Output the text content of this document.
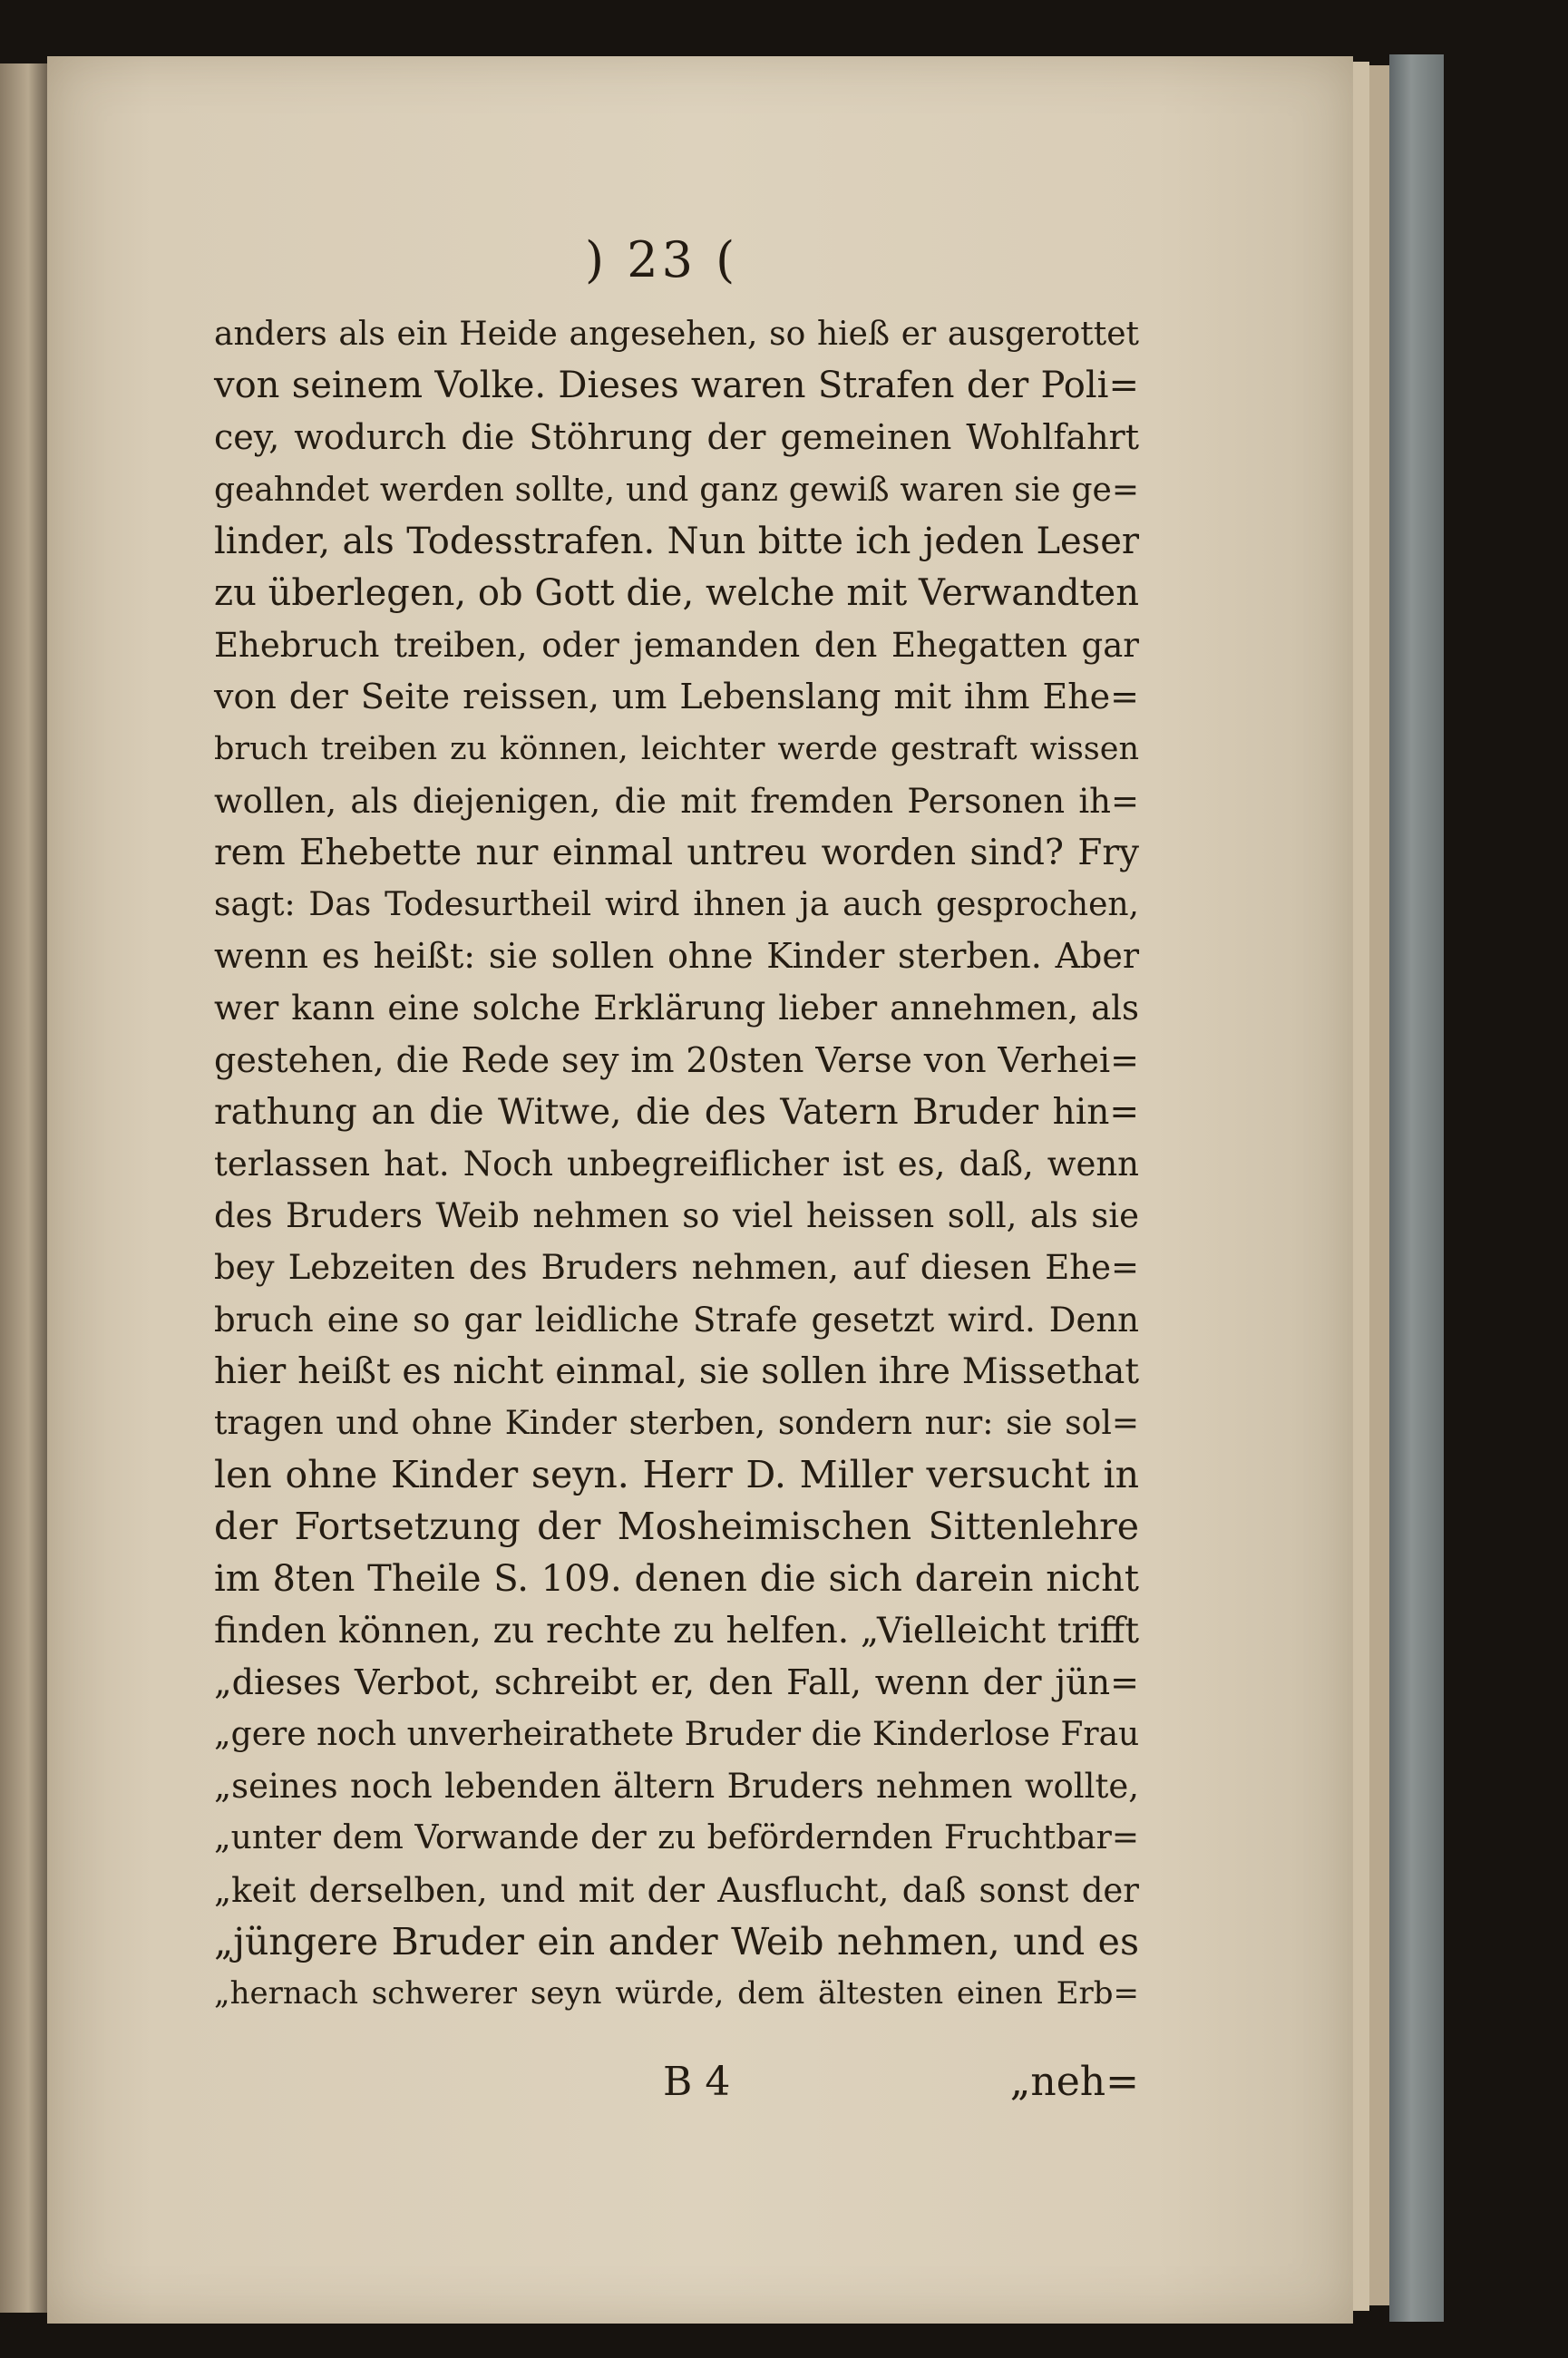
) 23 (
anders als ein Heide angesehen, so hieß er ausgerottet
von seinem Volke. Dieses waren Strafen der Poli=
cey, wodurch die Stöhrung der gemeinen Wohlfahrt
geahndet werden sollte, und ganz gewiß waren sie ge=
linder, als Todesstrafen. Nun bitte ich jeden Leser
zu überlegen, ob Gott die, welche mit Verwandten
Ehebruch treiben, oder jemanden den Ehegatten gar
von der Seite reissen, um Lebenslang mit ihm Ehe=
bruch treiben zu können, leichter werde gestraft wissen
wollen, als diejenigen, die mit fremden Personen ih=
rem Ehebette nur einmal untreu worden sind? Fry
sagt: Das Todesurtheil wird ihnen ja auch gesprochen,
wenn es heißt: sie sollen ohne Kinder sterben. Aber
wer kann eine solche Erklärung lieber annehmen, als
gestehen, die Rede sey im 20sten Verse von Verhei=
rathung an die Witwe, die des Vatern Bruder hin=
terlassen hat. Noch unbegreiflicher ist es, daß, wenn
des Bruders Weib nehmen so viel heissen soll, als sie
bey Lebzeiten des Bruders nehmen, auf diesen Ehe=
bruch eine so gar leidliche Strafe gesetzt wird. Denn
hier heißt es nicht einmal, sie sollen ihre Missethat
tragen und ohne Kinder sterben, sondern nur: sie sol=
len ohne Kinder seyn. Herr D. Miller versucht in
der Fortsetzung der Mosheimischen Sittenlehre
im 8ten Theile S. 109. denen die sich darein nicht
finden können, zu rechte zu helfen. „Vielleicht trifft
„dieses Verbot, schreibt er, den Fall, wenn der jün=
„gere noch unverheirathete Bruder die Kinderlose Frau
„seines noch lebenden ältern Bruders nehmen wollte,
„unter dem Vorwande der zu befördernden Fruchtbar=
„keit derselben, und mit der Ausflucht, daß sonst der
„jüngere Bruder ein ander Weib nehmen, und es
„hernach schwerer seyn würde, dem ältesten einen Erb=
B 4	„neh=
